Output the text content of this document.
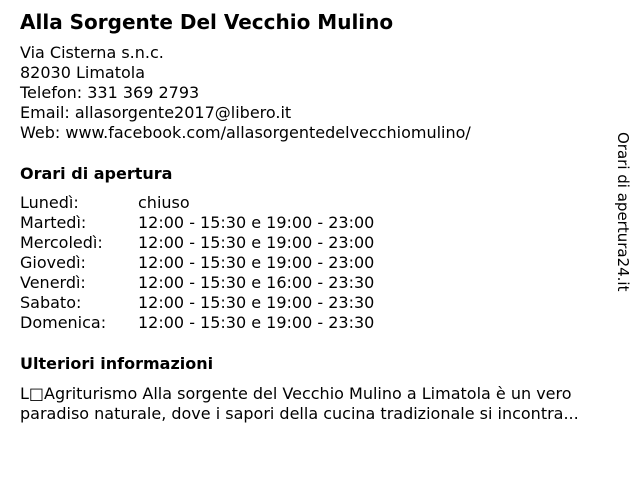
Alla Sorgente Del Vecchio Mulino
Via Cisterna s.n.c.
82030 Limatola
Telefon: 331 369 2793
Email: allasorgente2017@libero.it
Web: www.facebook.com/allasorgentedelvecchiomulino/
Orari di apertura
Lunedì:	chiuso
Martedì:	12:00 - 15:30 e 19:00 - 23:00
Mercoledì:	12:00 - 15:30 e 19:00 - 23:00
Giovedì:	12:00 - 15:30 e 19:00 - 23:00
Venerdì:	12:00 - 15:30 e 16:00 - 23:30
Sabato:	12:00 - 15:30 e 19:00 - 23:30
Domenica:	12:00 - 15:30 e 19:00 - 23:30
Ulteriori informazioni
L□Agriturismo Alla sorgente del Vecchio Mulino a Limatola è un vero
paradiso naturale, dove i sapori della cucina tradizionale si incontra...
Orari di apertura24.it
